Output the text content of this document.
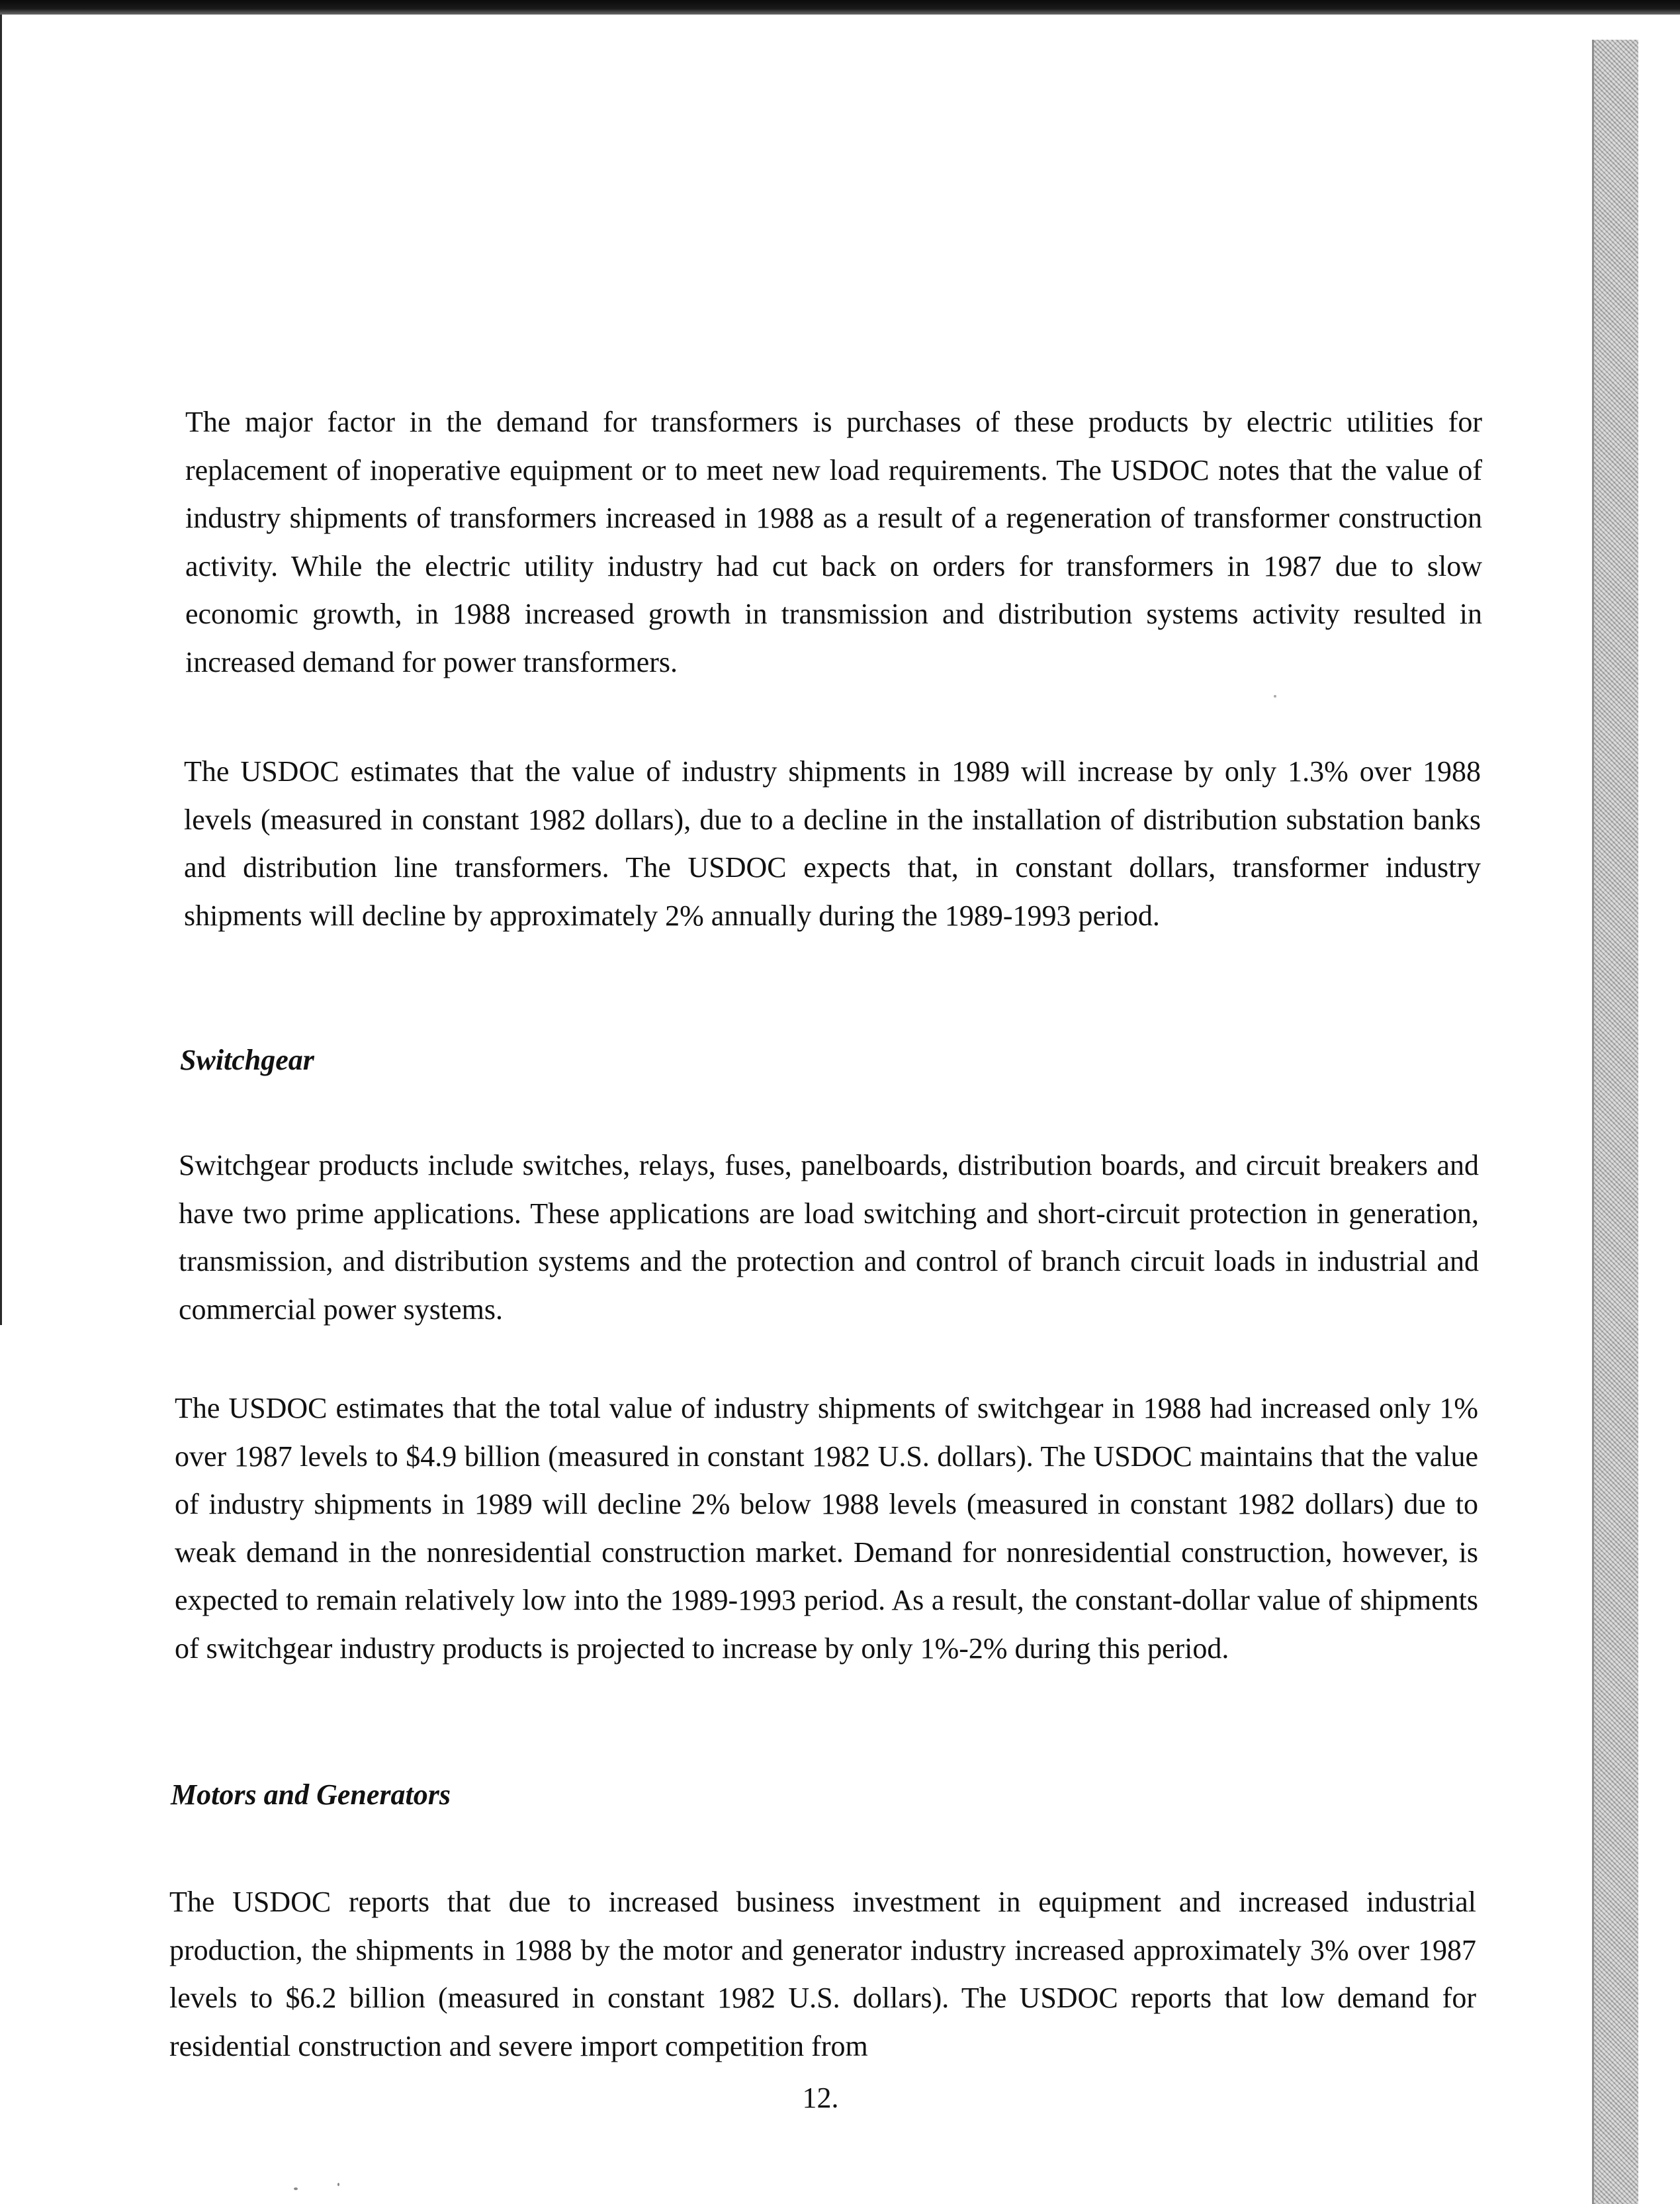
The major factor in the demand for transformers is purchases of these products by electric utilities for replacement of inoperative equipment or to meet new load requirements. The USDOC notes that the value of industry shipments of transformers increased in 1988 as a result of a regeneration of transformer construction activity. While the electric utility industry had cut back on orders for transformers in 1987 due to slow economic growth, in 1988 increased growth in transmission and distribution systems activity resulted in increased demand for power transformers.

The USDOC estimates that the value of industry shipments in 1989 will increase by only 1.3% over 1988 levels (measured in constant 1982 dollars), due to a decline in the installation of distribution substation banks and distribution line transformers. The USDOC expects that, in constant dollars, transformer industry shipments will decline by approximately 2% annually during the 1989-1993 period.

Switchgear

Switchgear products include switches, relays, fuses, panelboards, distribution boards, and circuit breakers and have two prime applications. These applications are load switching and short-circuit protection in generation, transmission, and distribution systems and the protection and control of branch circuit loads in industrial and commercial power systems.

The USDOC estimates that the total value of industry shipments of switchgear in 1988 had increased only 1% over 1987 levels to $4.9 billion (measured in constant 1982 U.S. dollars). The USDOC maintains that the value of industry shipments in 1989 will decline 2% below 1988 levels (measured in constant 1982 dollars) due to weak demand in the nonresidential construction market. Demand for nonresidential construction, however, is expected to remain relatively low into the 1989-1993 period. As a result, the constant-dollar value of shipments of switchgear industry products is projected to increase by only 1%-2% during this period.

Motors and Generators

The USDOC reports that due to increased business investment in equipment and increased industrial production, the shipments in 1988 by the motor and generator industry increased approximately 3% over 1987 levels to $6.2 billion (measured in constant 1982 U.S. dollars). The USDOC reports that low demand for residential construction and severe import competition from

12.
